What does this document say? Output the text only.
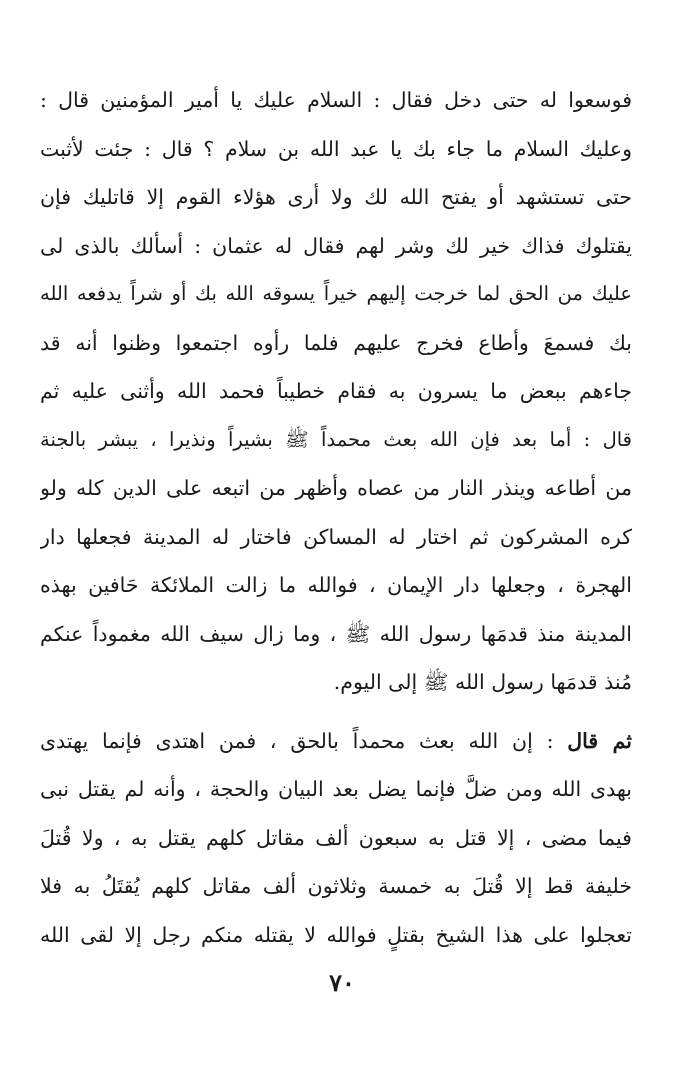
فوسعوا له حتى دخل فقال : السلام عليك يا أمير المؤمنين قال :
وعليك السلام ما جاء بك يا عبد الله بن سلام ؟ قال : جئت لأثبت
حتى تستشهد أو يفتح الله لك ولا أرى هؤلاء القوم إلا قاتليك فإن
يقتلوك فذاك خير لك وشر لهم فقال له عثمان : أسألك بالذى لى
عليك من الحق لما خرجت إليهم خيراً يسوقه الله بك أو شراً يدفعه الله
بك فسمعَ وأطاع فخرج عليهم فلما رأوه اجتمعوا وظنوا أنه قد
جاءهم ببعض ما يسرون به فقام خطيباً فحمد الله وأثنى عليه ثم
قال : أما بعد فإن الله بعث محمداً ﷺ بشيراً ونذيرا ، يبشر بالجنة
من أطاعه وينذر النار من عصاه وأظهر من اتبعه على الدين كله ولو
كره المشركون ثم اختار له المساكن فاختار له المدينة فجعلها دار
الهجرة ، وجعلها دار الإيمان ، فوالله ما زالت الملائكة حَافين بهذه
المدينة منذ قدمَها رسول الله ﷺ ، وما زال سيف الله مغموداً عنكم
مُنذ قدمَها رسول الله ﷺ إلى اليوم.
ثم قال : إن الله بعث محمداً بالحق ، فمن اهتدى فإنما يهتدى
بهدى الله ومن ضلَّ فإنما يضل بعد البيان والحجة ، وأنه لم يقتل نبى
فيما مضى ، إلا قتل به سبعون ألف مقاتل كلهم يقتل به ، ولا قُتلَ
خليفة قط إلا قُتلَ به خمسة وثلاثون ألف مقاتل كلهم يُقتَلُ به فلا
تعجلوا على هذا الشيخ بقتلٍ فوالله لا يقتله منكم رجل إلا لقى الله
٧٠
